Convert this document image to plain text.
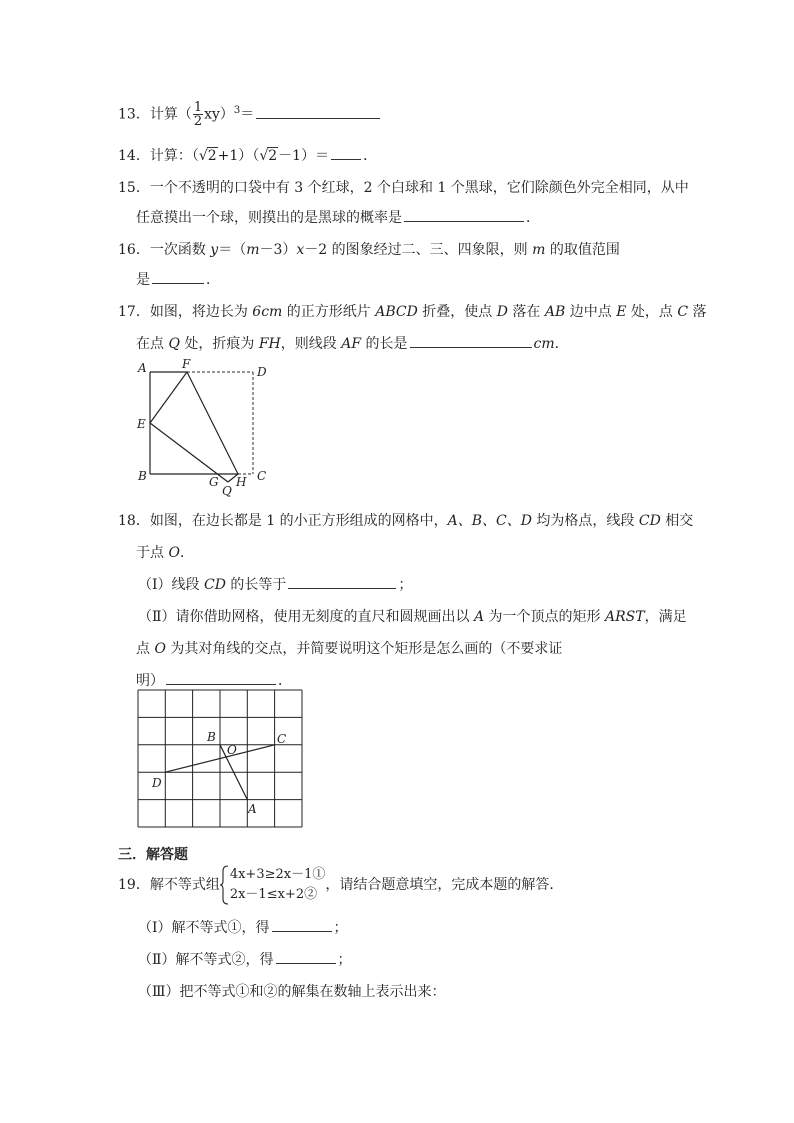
13．计算（ $\frac{1}{2} xy)^3=$
14．计算：（√2+1）（√2－1）＝ ．
15．一个不透明的口袋中有 3 个红球，2 个白球和 1 个黑球，它们除颜色外完全相同，从中
任意摸出一个球，则摸出的是黑球的概率是	．
16．一次函数 y＝（m－3）x－2 的图象经过二、三、四象限，则 m 的取值范围
是	．
17．如图，将边长为 6cm 的正方形纸片 ABCD 折叠，使点 D 落在 AB 边中点 E 处，点 C 落
在点 Q 处，折痕为 FH，则线段 AF 的长是	cm．
A	F
D
E
B	G H C
Q
18．如图，在边长都是 1 的小正方形组成的网格中，A、B、C、D 均为格点，线段 CD 相交
于点 O．
（Ⅰ）线段 CD 的长等于	；
（Ⅱ）请你借助网格，使用无刻度的直尺和圆规画出以 A 为一个顶点的矩形 ARST，满足
点 O 为其对角线的交点，并简要说明这个矩形是怎么画的（不要求证
明）	．
B
O
C
D
A
三．解答题
19．解不等式组
4x+3≥2x－1①
2x－1≤x+2②
，请结合题意填空，完成本题的解答．
（Ⅰ）解不等式①，得	；
（Ⅱ）解不等式②，得	；
（Ⅲ）把不等式①和②的解集在数轴上表示出来：
